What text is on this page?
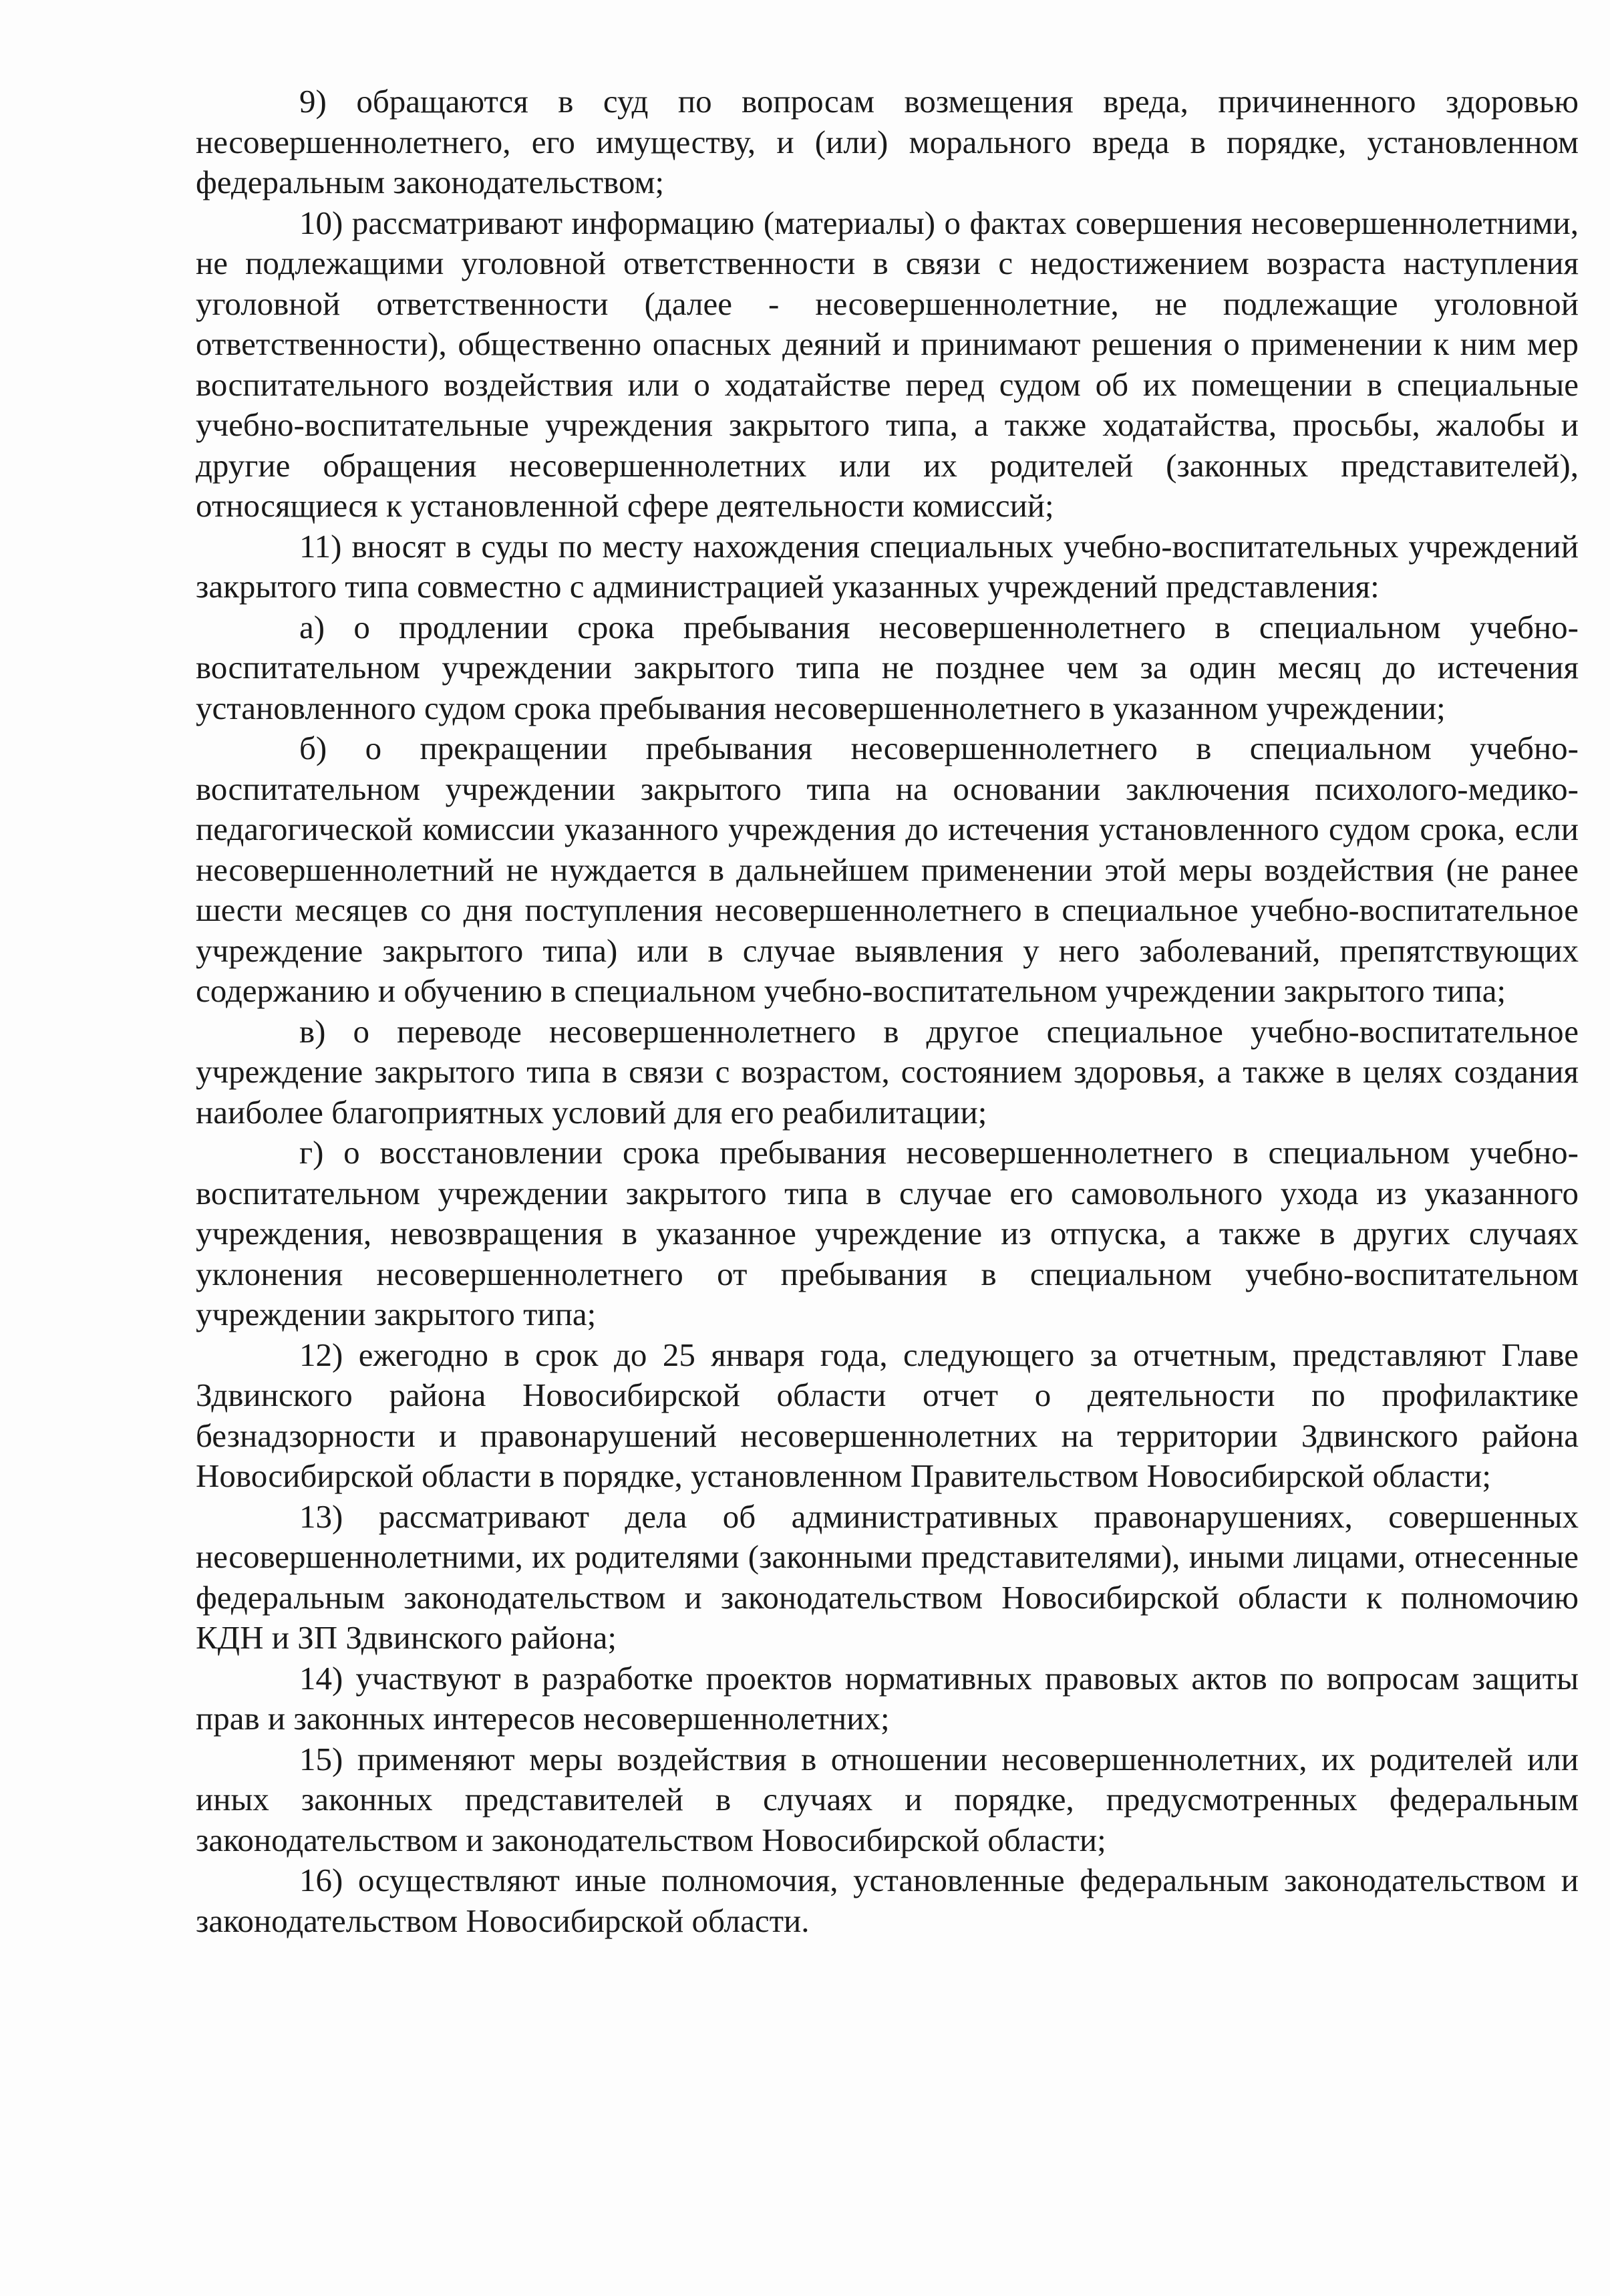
9) обращаются в суд по вопросам возмещения вреда, причиненного здоровью несовершеннолетнего, его имуществу, и (или) морального вреда в порядке, установленном федеральным законодательством;

10) рассматривают информацию (материалы) о фактах совершения несовершеннолетними, не подлежащими уголовной ответственности в связи с недостижением возраста наступления уголовной ответственности (далее - несовершеннолетние, не подлежащие уголовной ответственности), общественно опасных деяний и принимают решения о применении к ним мер воспитательного воздействия или о ходатайстве перед судом об их помещении в специальные учебно-воспитательные учреждения закрытого типа, а также ходатайства, просьбы, жалобы и другие обращения несовершеннолетних или их родителей (законных представителей), относящиеся к установленной сфере деятельности комиссий;

11) вносят в суды по месту нахождения специальных учебно-воспитательных учреждений закрытого типа совместно с администрацией указанных учреждений представления:

а) о продлении срока пребывания несовершеннолетнего в специальном учебно-воспитательном учреждении закрытого типа не позднее чем за один месяц до истечения установленного судом срока пребывания несовершеннолетнего в указанном учреждении;

б) о прекращении пребывания несовершеннолетнего в специальном учебно-воспитательном учреждении закрытого типа на основании заключения психолого-медико-педагогической комиссии указанного учреждения до истечения установленного судом срока, если несовершеннолетний не нуждается в дальнейшем применении этой меры воздействия (не ранее шести месяцев со дня поступления несовершеннолетнего в специальное учебно-воспитательное учреждение закрытого типа) или в случае выявления у него заболеваний, препятствующих содержанию и обучению в специальном учебно-воспитательном учреждении закрытого типа;

в) о переводе несовершеннолетнего в другое специальное учебно-воспитательное учреждение закрытого типа в связи с возрастом, состоянием здоровья, а также в целях создания наиболее благоприятных условий для его реабилитации;

г) о восстановлении срока пребывания несовершеннолетнего в специальном учебно-воспитательном учреждении закрытого типа в случае его самовольного ухода из указанного учреждения, невозвращения в указанное учреждение из отпуска, а также в других случаях уклонения несовершеннолетнего от пребывания в специальном учебно-воспитательном учреждении закрытого типа;

12) ежегодно в срок до 25 января года, следующего за отчетным, представляют Главе Здвинского района Новосибирской области отчет о деятельности по профилактике безнадзорности и правонарушений несовершеннолетних на территории Здвинского района Новосибирской области в порядке, установленном Правительством Новосибирской области;

13) рассматривают дела об административных правонарушениях, совершенных несовершеннолетними, их родителями (законными представителями), иными лицами, отнесенные федеральным законодательством и законодательством Новосибирской области к полномочию КДН и ЗП Здвинского района;

14) участвуют в разработке проектов нормативных правовых актов по вопросам защиты прав и законных интересов несовершеннолетних;

15) применяют меры воздействия в отношении несовершеннолетних, их родителей или иных законных представителей в случаях и порядке, предусмотренных федеральным законодательством и законодательством Новосибирской области;

16) осуществляют иные полномочия, установленные федеральным законодательством и законодательством Новосибирской области.
